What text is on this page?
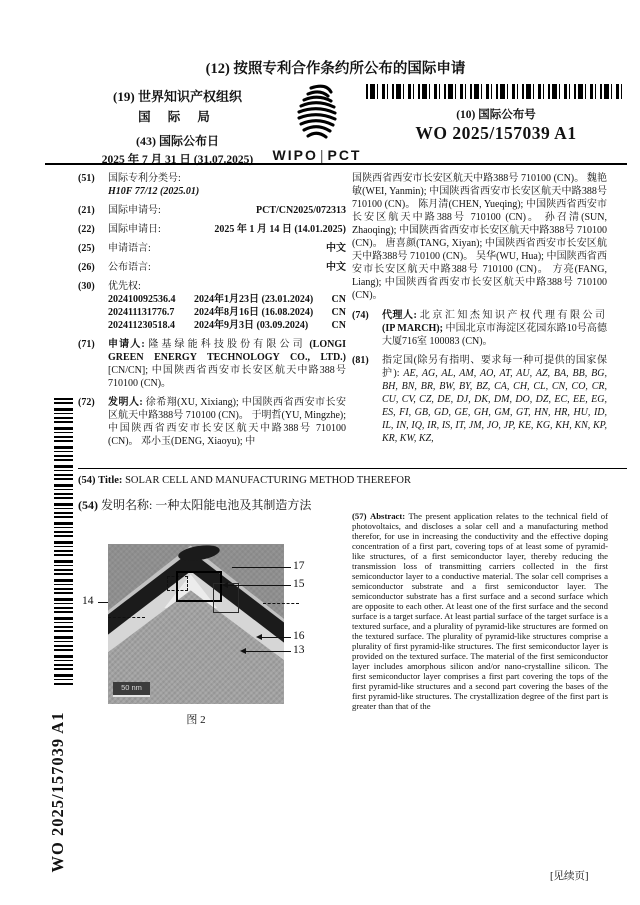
(12) 按照专利合作条约所公布的国际申请
(19) 世界知识产权组织
国 际 局
(43) 国际公布日
2025 年 7 月 31 日 (31.07.2025)	WIPO | PCT
(10) 国际公布号
WO 2025/157039 A1
(51) 国际专利分类号:
H10F 77/12 (2025.01)
(21) 国际申请号:	PCT/CN2025/072313
(22) 国际申请日:	2025 年 1 月 14 日 (14.01.2025)
(25) 申请语言:	中文
(26) 公布语言:	中文
(30) 优先权:
202410092536.4	2024年1月23日 (23.01.2024)	CN
202411131776.7	2024年8月16日 (16.08.2024)	CN
202411230518.4	2024年9月3日 (03.09.2024)	CN
(71) 申请人: 隆基绿能科技股份有限公司 (LONGI GREEN ENERGY TECHNOLOGY CO., LTD.) [CN/CN]; 中国陕西省西安市长安区航天中路388号 710100 (CN)。
(72) 发明人: 徐希翔(XU, Xixiang); 中国陕西省西安市长安区航天中路388号 710100 (CN)。 于明哲(YU, Mingzhe); 中国陕西省西安市长安区航天中路388号 710100 (CN)。 邓小玉(DENG, Xiaoyu); 中
国陕西省西安市长安区航天中路388号 710100 (CN)。 魏艳敏(WEI, Yanmin); 中国陕西省西安市长安区航天中路388号 710100 (CN)。 陈月清(CHEN, Yueqing); 中国陕西省西安市长安区航天中路388号 710100 (CN)。 孙召清(SUN, Zhaoqing); 中国陕西省西安市长安区航天中路388号 710100 (CN)。 唐喜颜(TANG, Xiyan); 中国陕西省西安市长安区航天中路388号 710100 (CN)。 吴华(WU, Hua); 中国陕西省西安市长安区航天中路388号 710100 (CN)。 方亮(FANG, Liang); 中国陕西省西安市长安区航天中路388号 710100 (CN)。
(74) 代理人: 北京汇知杰知识产权代理有限公司 (IP MARCH); 中国北京市海淀区花园东路10号高德大厦716室 100083 (CN)。
(81) 指定国(除另有指明、要求每一种可提供的国家保护): AE, AG, AL, AM, AO, AT, AU, AZ, BA, BB, BG, BH, BN, BR, BW, BY, BZ, CA, CH, CL, CN, CO, CR, CU, CV, CZ, DE, DJ, DK, DM, DO, DZ, EC, EE, EG, ES, FI, GB, GD, GE, GH, GM, GT, HN, HR, HU, ID, IL, IN, IQ, IR, IS, IT, JM, JO, JP, KE, KG, KH, KN, KP, KR, KW, KZ,
(54) Title: SOLAR CELL AND MANUFACTURING METHOD THEREFOR
(54) 发明名称: 一种太阳能电池及其制造方法
50 nm
17
15
14
16
13
图 2
(57) Abstract: The present application relates to the technical field of photovoltaics, and discloses a solar cell and a manufacturing method therefor, for use in increasing the conductivity and the effective doping concentration of a first part, covering tops of at least some of pyramid-like structures, of a first semiconductor layer, thereby reducing the transmission loss of transmitting carriers collected in the first semiconductor layer to a conductive material. The solar cell comprises a semiconductor substrate and a first semiconductor layer. The semiconductor substrate has a first surface and a second surface which are opposite to each other. At least one of the first surface and the second surface is a target surface. At least partial surface of the target surface is a textured surface, and a plurality of pyramid-like structures are formed on the textured surface. The plurality of pyramid-like structures comprise a plurality of first pyramid-like structures. The first semiconductor layer is provided on the textured surface. The material of the first semiconductor layer includes amorphous silicon and/or nano-crystalline silicon. The first semiconductor layer comprises a first part covering the tops of the first pyramid-like structures and a second part covering the bases of the first pyramid-like structures. The crystallization degree of the first part is greater than that of the
WO 2025/157039 A1
[见续页]
